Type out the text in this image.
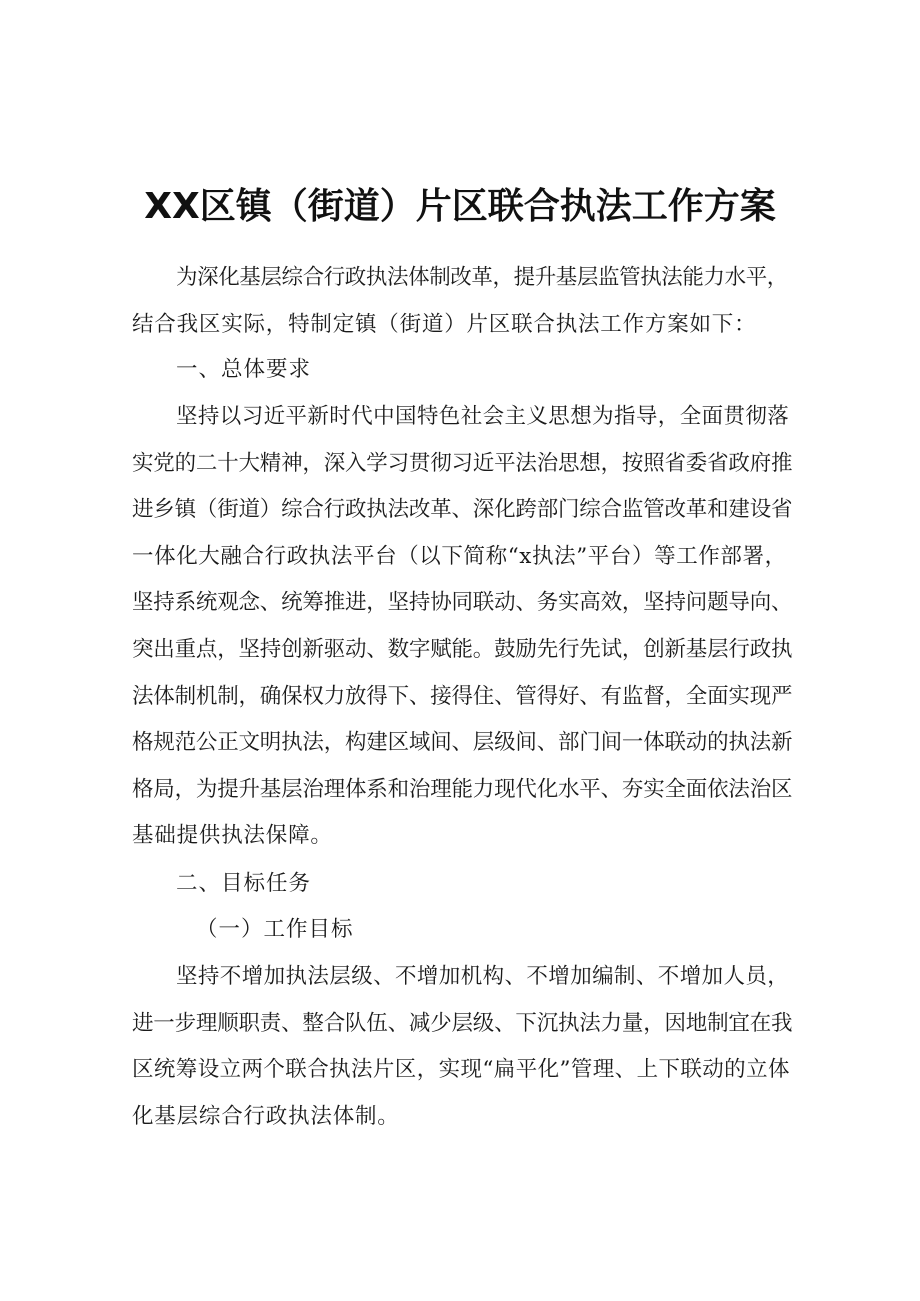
XX区镇（街道）片区联合执法工作方案
为深化基层综合行政执法体制改革，提升基层监管执法能力水平，
结合我区实际，特制定镇（街道）片区联合执法工作方案如下：
一、总体要求
坚持以习近平新时代中国特色社会主义思想为指导，全面贯彻落
实党的二十大精神，深入学习贯彻习近平法治思想，按照省委省政府推
进乡镇（街道）综合行政执法改革、深化跨部门综合监管改革和建设省
一体化大融合行政执法平台（以下简称“x执法”平台）等工作部署，
坚持系统观念、统筹推进，坚持协同联动、务实高效，坚持问题导向、
突出重点，坚持创新驱动、数字赋能。鼓励先行先试，创新基层行政执
法体制机制，确保权力放得下、接得住、管得好、有监督，全面实现严
格规范公正文明执法，构建区域间、层级间、部门间一体联动的执法新
格局，为提升基层治理体系和治理能力现代化水平、夯实全面依法治区
基础提供执法保障。
二、目标任务
（一）工作目标
坚持不增加执法层级、不增加机构、不增加编制、不增加人员，
进一步理顺职责、整合队伍、减少层级、下沉执法力量，因地制宜在我
区统筹设立两个联合执法片区，实现“扁平化”管理、上下联动的立体
化基层综合行政执法体制。
